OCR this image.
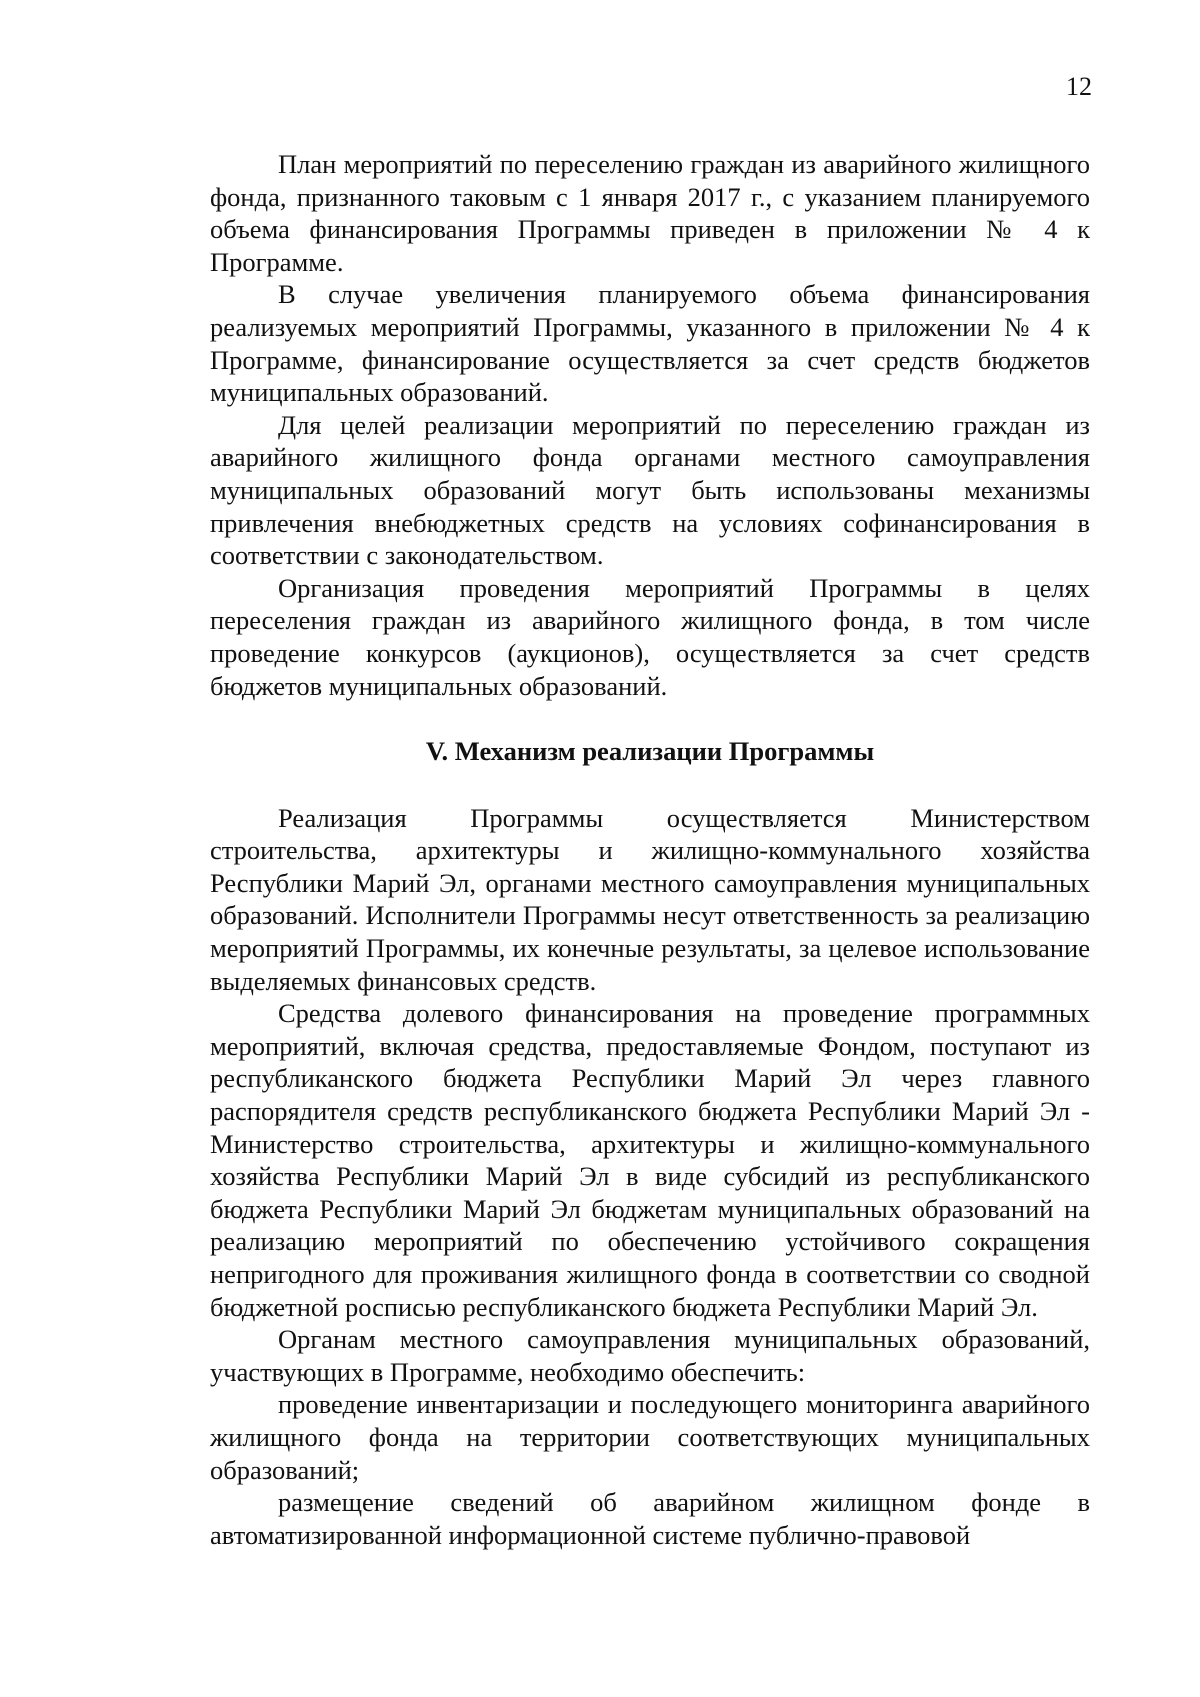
12

План мероприятий по переселению граждан из аварийного жилищного фонда, признанного таковым с 1 января 2017 г., с указанием планируемого объема финансирования Программы приведен в приложении № 4 к Программе.

В случае увеличения планируемого объема финансирования реализуемых мероприятий Программы, указанного в приложении № 4 к Программе, финансирование осуществляется за счет средств бюджетов муниципальных образований.

Для целей реализации мероприятий по переселению граждан из аварийного жилищного фонда органами местного самоуправления муниципальных образований могут быть использованы механизмы привлечения внебюджетных средств на условиях софинансирования в соответствии с законодательством.

Организация проведения мероприятий Программы в целях переселения граждан из аварийного жилищного фонда, в том числе проведение конкурсов (аукционов), осуществляется за счет средств бюджетов муниципальных образований.

V. Механизм реализации Программы

Реализация Программы осуществляется Министерством строительства, архитектуры и жилищно-коммунального хозяйства Республики Марий Эл, органами местного самоуправления муниципальных образований. Исполнители Программы несут ответственность за реализацию мероприятий Программы, их конечные результаты, за целевое использование выделяемых финансовых средств.

Средства долевого финансирования на проведение программных мероприятий, включая средства, предоставляемые Фондом, поступают из республиканского бюджета Республики Марий Эл через главного распорядителя средств республиканского бюджета Республики Марий Эл - Министерство строительства, архитектуры и жилищно-коммунального хозяйства Республики Марий Эл в виде субсидий из республиканского бюджета Республики Марий Эл бюджетам муниципальных образований на реализацию мероприятий по обеспечению устойчивого сокращения непригодного для проживания жилищного фонда в соответствии со сводной бюджетной росписью республиканского бюджета Республики Марий Эл.

Органам местного самоуправления муниципальных образований, участвующих в Программе, необходимо обеспечить:

проведение инвентаризации и последующего мониторинга аварийного жилищного фонда на территории соответствующих муниципальных образований;

размещение сведений об аварийном жилищном фонде в автоматизированной информационной системе публично-правовой
